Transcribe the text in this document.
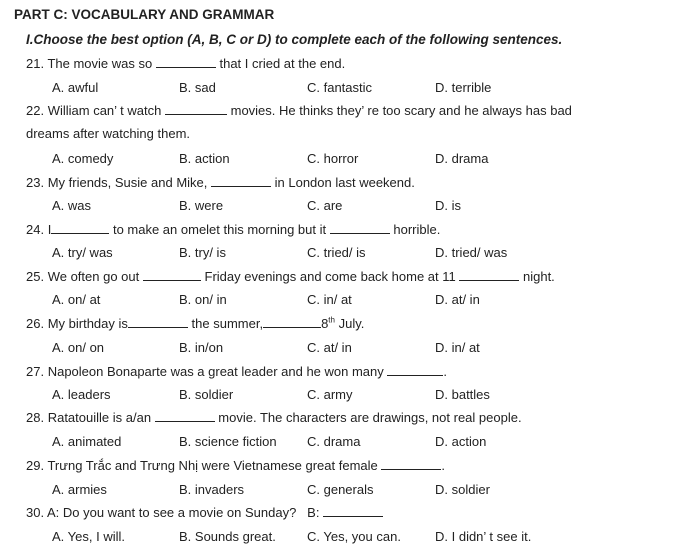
PART C: VOCABULARY AND GRAMMAR
I.Choose the best option (A, B, C or D) to complete each of the following sentences.
21. The movie was so	that I cried at the end.
A. awful	B. sad	C. fantastic	D. terrible
22. William can’ t watch	movies. He thinks they’ re too scary and he always has bad
dreams after watching them.
A. comedy	B. action	C. horror	D. drama
23. My friends, Susie and Mike,	in London last weekend.
A. was	B. were	C. are	D. is
24. I	to make an omelet this morning but it	horrible.
A. try/ was	B. try/ is	C. tried/ is	D. tried/ was
25. We often go out	Friday evenings and come back home at 11	night.
A. on/ at	B. on/ in	C. in/ at	D. at/ in
26. My birthday is	the summer,	8th July.
A. on/ on	B. in/on	C. at/ in	D. in/ at
27. Napoleon Bonaparte was a great leader and he won many	.
A. leaders	B. soldier	C. army	D. battles
28. Ratatouille is a/an	movie. The characters are drawings, not real people.
A. animated	B. science fiction C. drama	D. action
29. Trưng Trắc and Trưng Nhị were Vietnamese great female	.
A. armies	B. invaders	C. generals	D. soldier
30. A: Do you want to see a movie on Sunday? B:
A. Yes, I will.	B. Sounds great. C. Yes, you can.	D. I didn’ t see it.
